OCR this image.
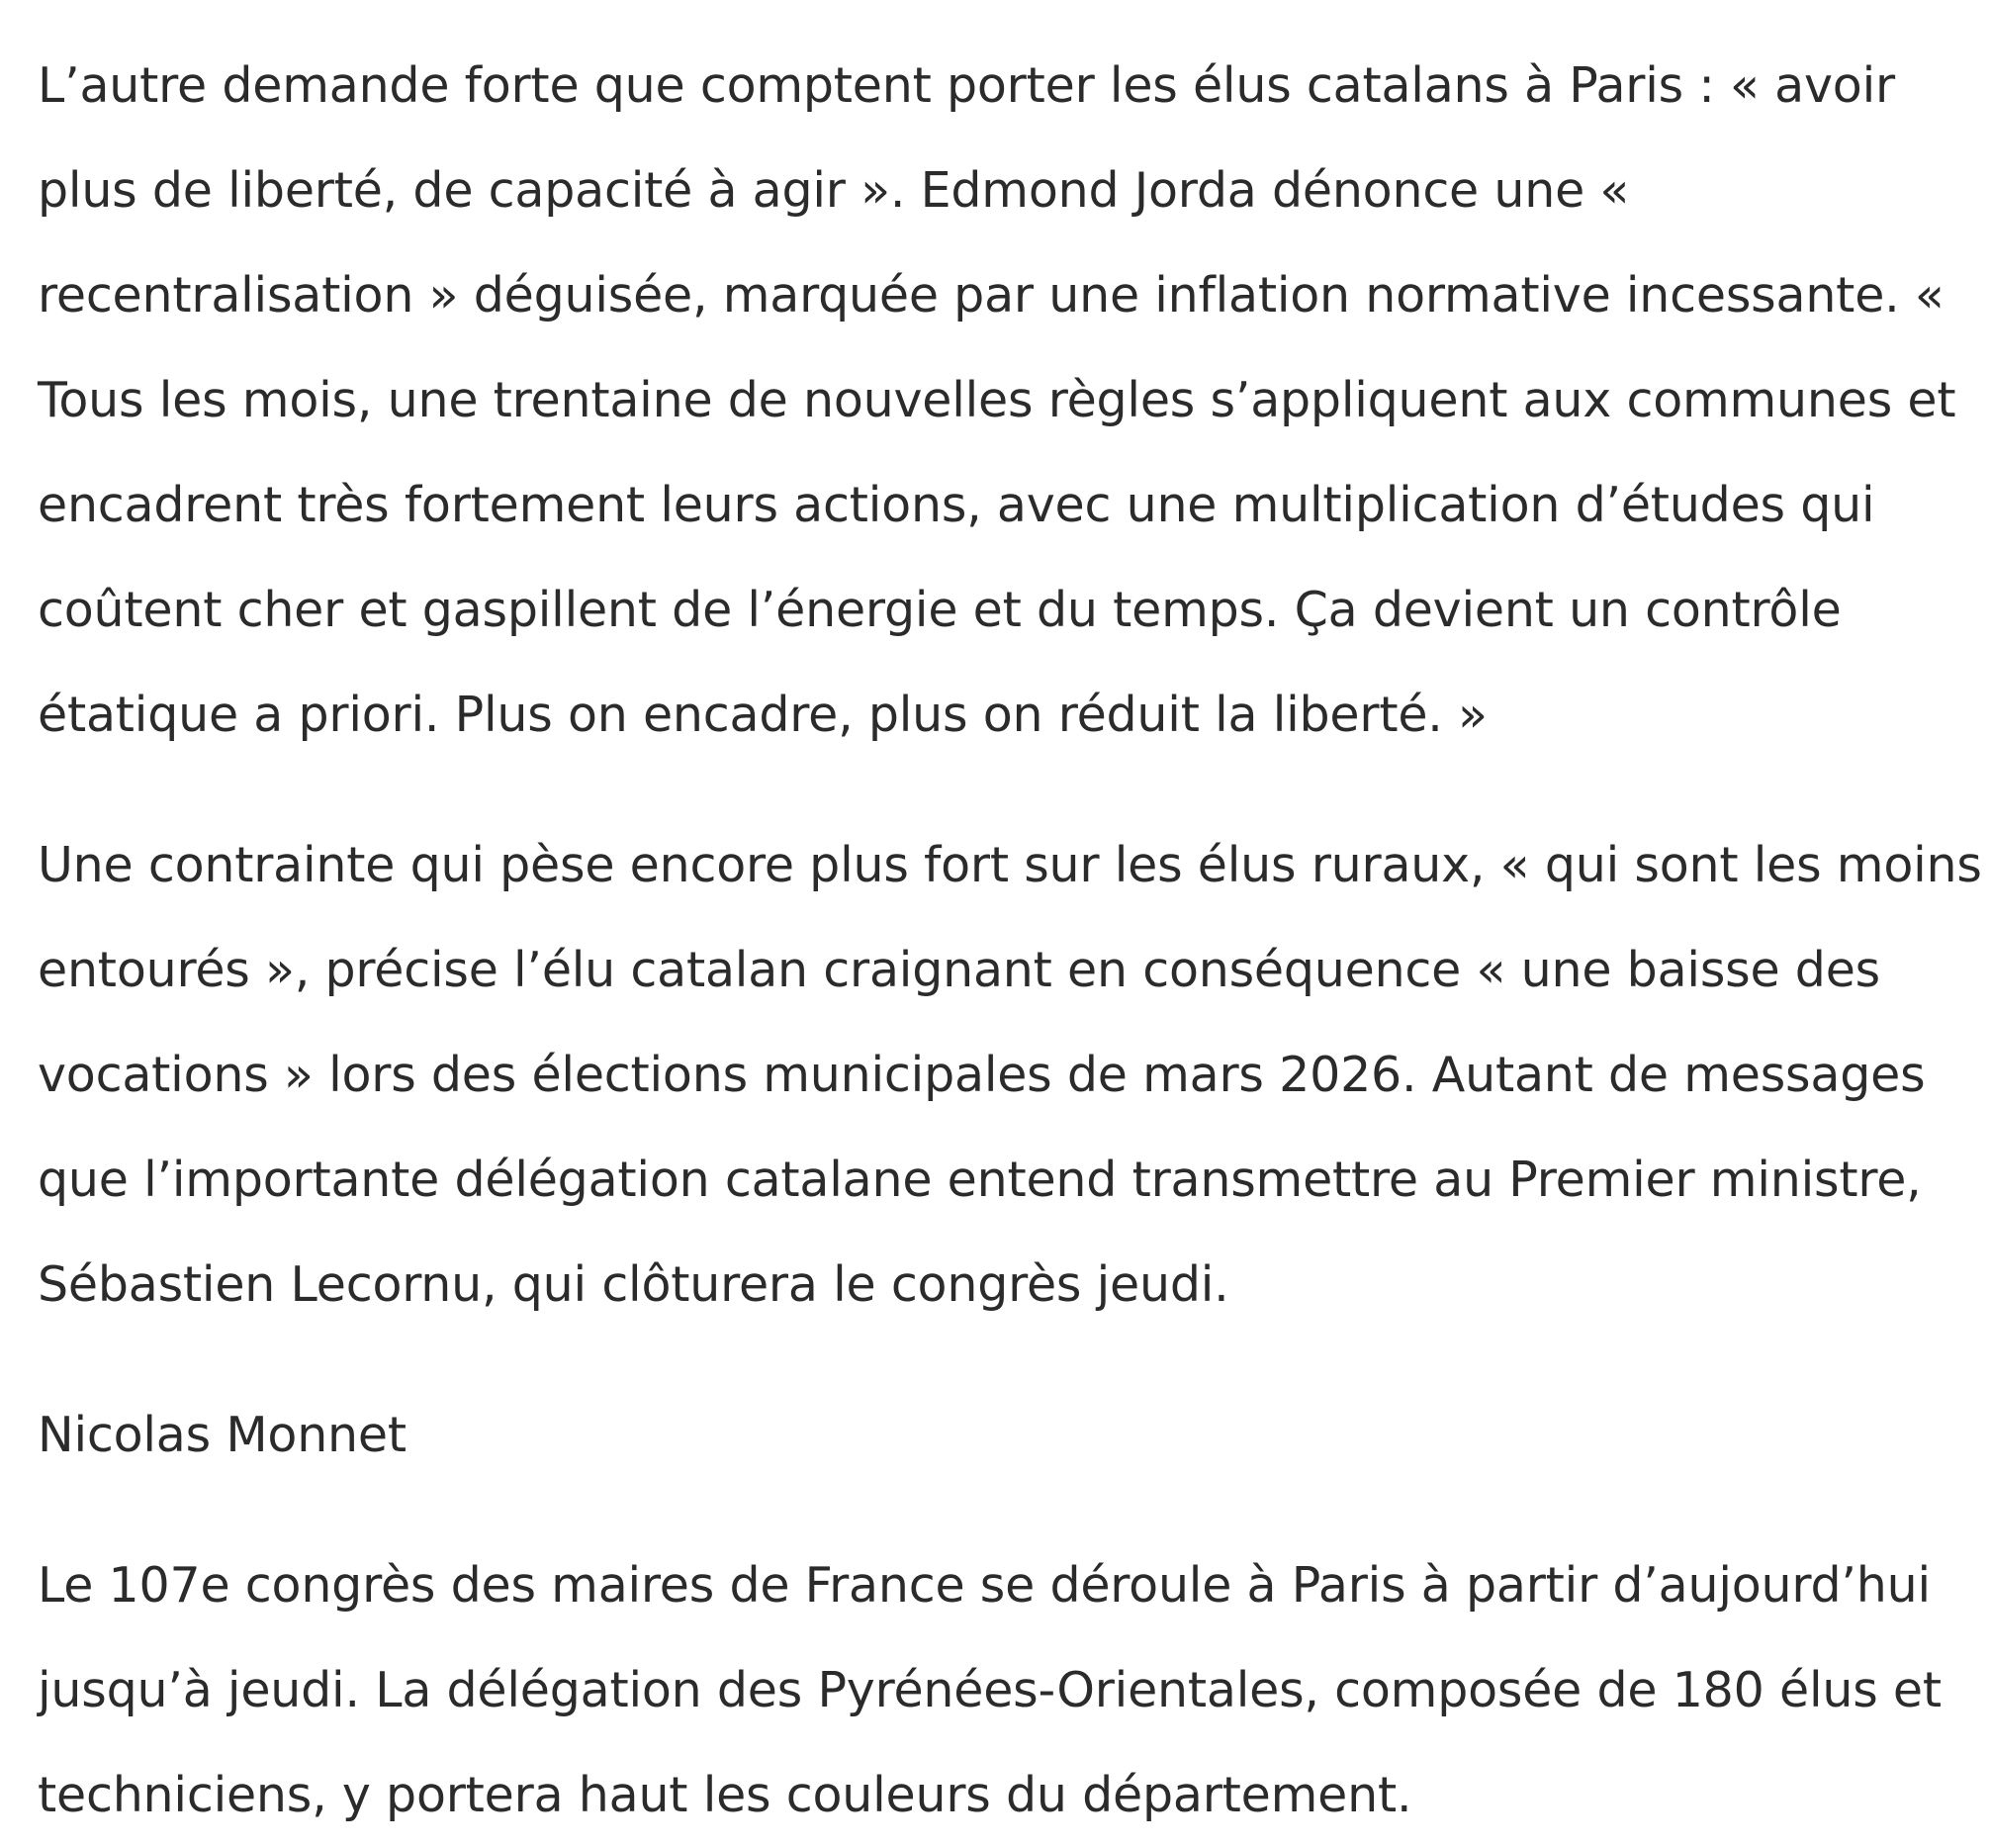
L’autre demande forte que comptent porter les élus catalans à Paris : « avoir
plus de liberté, de capacité à agir ». Edmond Jorda dénonce une «
recentralisation » déguisée, marquée par une inflation normative incessante. «
Tous les mois, une trentaine de nouvelles règles s’appliquent aux communes et
encadrent très fortement leurs actions, avec une multiplication d’études qui
coûtent cher et gaspillent de l’énergie et du temps. Ça devient un contrôle
étatique a priori. Plus on encadre, plus on réduit la liberté. »

Une contrainte qui pèse encore plus fort sur les élus ruraux, « qui sont les moins
entourés », précise l’élu catalan craignant en conséquence « une baisse des
vocations » lors des élections municipales de mars 2026. Autant de messages
que l’importante délégation catalane entend transmettre au Premier ministre,
Sébastien Lecornu, qui clôturera le congrès jeudi.

Nicolas Monnet

Le 107e congrès des maires de France se déroule à Paris à partir d’aujourd’hui
jusqu’à jeudi. La délégation des Pyrénées-Orientales, composée de 180 élus et
techniciens, y portera haut les couleurs du département.
